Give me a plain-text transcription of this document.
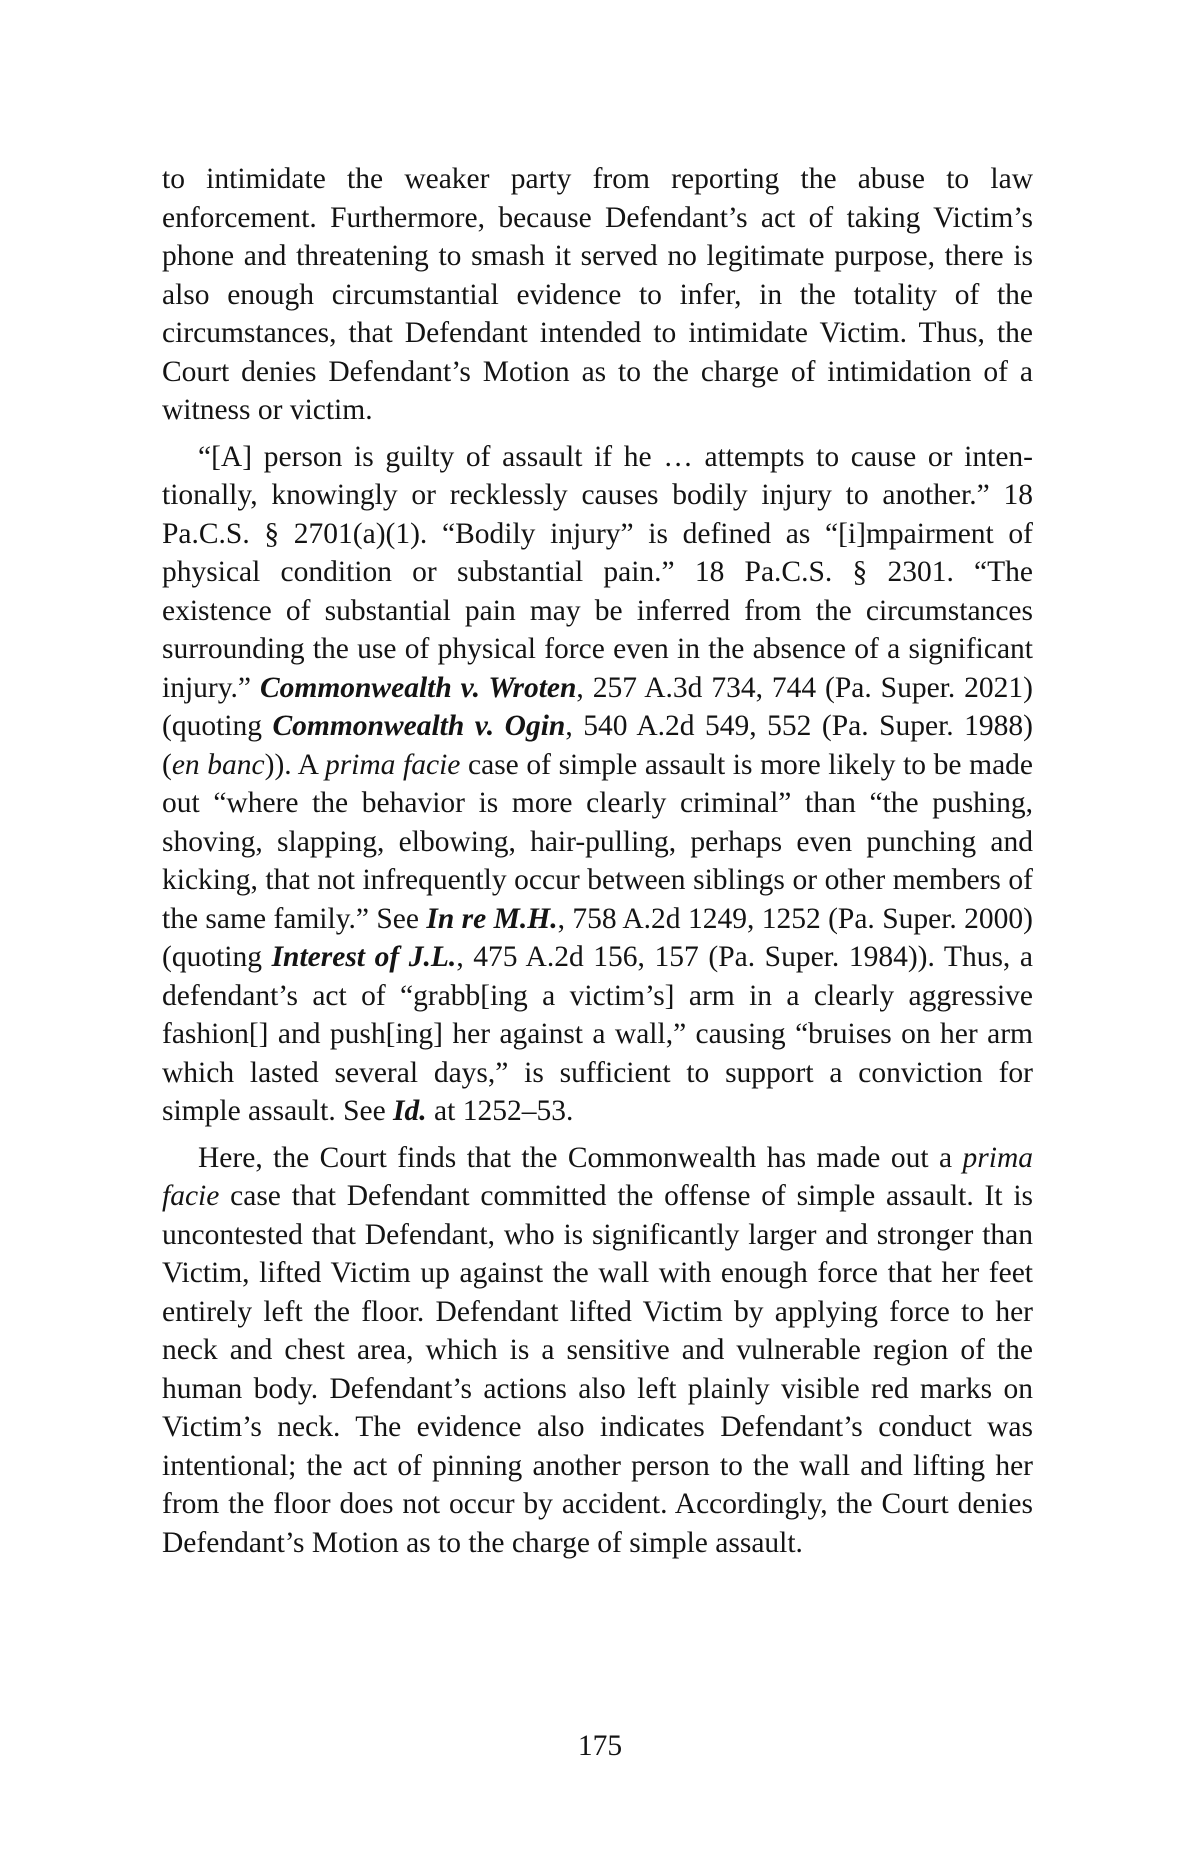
to intimidate the weaker party from reporting the abuse to law enforcement. Furthermore, because Defendant’s act of taking Victim’s phone and threatening to smash it served no legitimate purpose, there is also enough circumstantial evidence to infer, in the totality of the circumstances, that Defendant intended to intimidate Victim. Thus, the Court denies Defendant’s Motion as to the charge of intimidation of a witness or victim.

“[A] person is guilty of assault if he … attempts to cause or intentionally, knowingly or recklessly causes bodily injury to another.” 18 Pa.C.S. § 2701(a)(1). “Bodily injury” is defined as “[i]mpairment of physical condition or substantial pain.” 18 Pa.C.S. § 2301. “The existence of substantial pain may be inferred from the circumstances surrounding the use of physical force even in the absence of a significant injury.” Commonwealth v. Wroten, 257 A.3d 734, 744 (Pa. Super. 2021) (quoting Commonwealth v. Ogin, 540 A.2d 549, 552 (Pa. Super. 1988) (en banc)). A prima facie case of simple assault is more likely to be made out “where the behavior is more clearly criminal” than “the pushing, shoving, slapping, elbowing, hair-pulling, perhaps even punching and kicking, that not infrequently occur between siblings or other members of the same family.” See In re M.H., 758 A.2d 1249, 1252 (Pa. Super. 2000) (quoting Interest of J.L., 475 A.2d 156, 157 (Pa. Super. 1984)). Thus, a defendant’s act of “grabb[ing a victim’s] arm in a clearly aggressive fashion[] and push[ing] her against a wall,” causing “bruises on her arm which lasted several days,” is sufficient to support a conviction for simple assault. See Id. at 1252–53.

Here, the Court finds that the Commonwealth has made out a prima facie case that Defendant committed the offense of simple assault. It is uncontested that Defendant, who is significantly larger and stronger than Victim, lifted Victim up against the wall with enough force that her feet entirely left the floor. Defendant lifted Victim by applying force to her neck and chest area, which is a sensitive and vulnerable region of the human body. Defendant’s actions also left plainly visible red marks on Victim’s neck. The evidence also indicates Defendant’s conduct was intentional; the act of pinning another person to the wall and lifting her from the floor does not occur by accident. Accordingly, the Court denies Defendant’s Motion as to the charge of simple assault.

175
